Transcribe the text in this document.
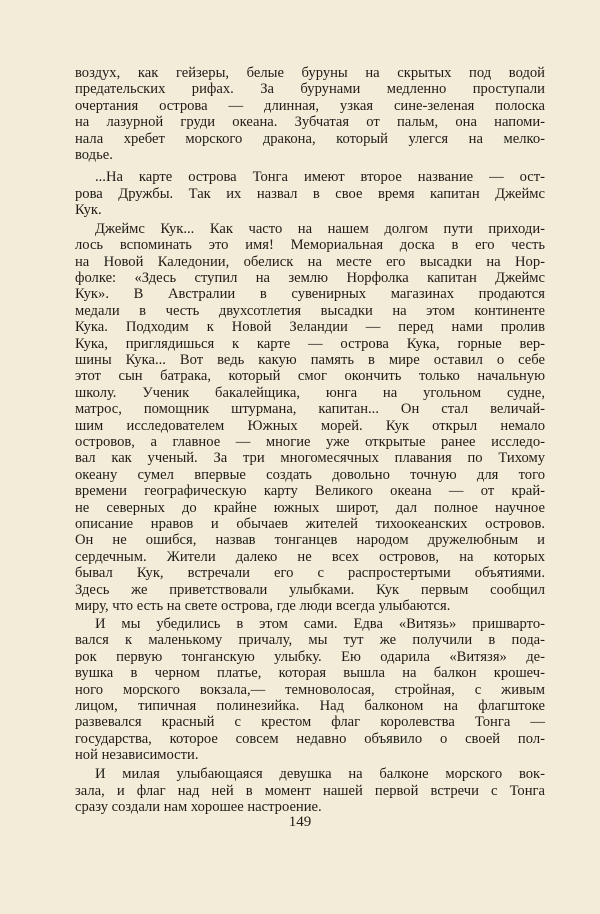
воздух, как гейзеры, белые буруны на скрытых под водой

предательских рифах. За бурунами медленно проступали

очертания острова — длинная, узкая сине-зеленая полоска

на лазурной груди океана. Зубчатая от пальм, она напоми-

нала хребет морского дракона, который улегся на мелко-

водье.

...На карте острова Тонга имеют второе название — ост-

рова Дружбы. Так их назвал в свое время капитан Джеймс

Кук.

Джеймс Кук... Как часто на нашем долгом пути приходи-

лось вспоминать это имя! Мемориальная доска в его честь

на Новой Каледонии, обелиск на месте его высадки на Нор-

фолке: «Здесь ступил на землю Норфолка капитан Джеймс

Кук». В Австралии в сувенирных магазинах продаются

медали в честь двухсотлетия высадки на этом континенте

Кука. Подходим к Новой Зеландии — перед нами пролив

Кука, приглядишься к карте — острова Кука, горные вер-

шины Кука... Вот ведь какую память в мире оставил о себе

этот сын батрака, который смог окончить только начальную

школу. Ученик бакалейщика, юнга на угольном судне,

матрос, помощник штурмана, капитан... Он стал величай-

шим исследователем Южных морей. Кук открыл немало

островов, а главное — многие уже открытые ранее исследо-

вал как ученый. За три многомесячных плавания по Тихому

океану сумел впервые создать довольно точную для того

времени географическую карту Великого океана — от край-

не северных до крайне южных широт, дал полное научное

описание нравов и обычаев жителей тихоокеанских островов.

Он не ошибся, назвав тонганцев народом дружелюбным и

сердечным. Жители далеко не всех островов, на которых

бывал Кук, встречали его с распростертыми объятиями.

Здесь же приветствовали улыбками. Кук первым сообщил

миру, что есть на свете острова, где люди всегда улыбаются.

И мы убедились в этом сами. Едва «Витязь» пришварто-

вался к маленькому причалу, мы тут же получили в пода-

рок первую тонганскую улыбку. Ею одарила «Витязя» де-

вушка в черном платье, которая вышла на балкон крошеч-

ного морского вокзала,— темноволосая, стройная, с живым

лицом, типичная полинезийка. Над балконом на флагштоке

развевался красный с крестом флаг королевства Тонга —

государства, которое совсем недавно объявило о своей пол-

ной независимости.

И милая улыбающаяся девушка на балконе морского вок-

зала, и флаг над ней в момент нашей первой встречи с Тонга

сразу создали нам хорошее настроение.

149
